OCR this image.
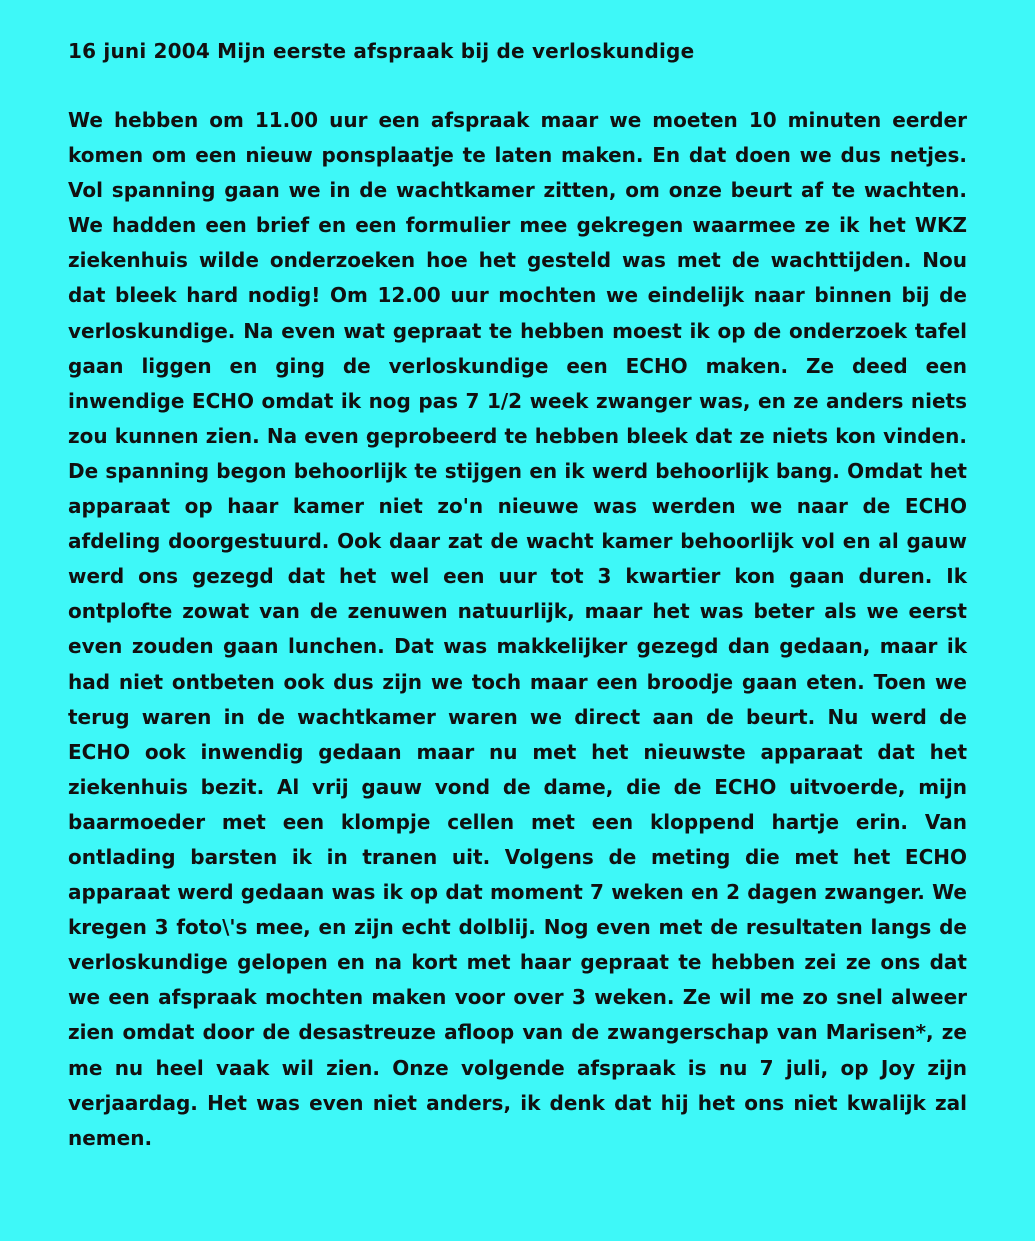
16 juni 2004 Mijn eerste afspraak bij de verloskundige

We hebben om 11.00 uur een afspraak maar we moeten 10 minuten eerder komen om een nieuw ponsplaatje te laten maken. En dat doen we dus netjes. Vol spanning gaan we in de wachtkamer zitten, om onze beurt af te wachten. We hadden een brief en een formulier mee gekregen waarmee ze ik het WKZ ziekenhuis wilde onderzoeken hoe het gesteld was met de wachttijden. Nou dat bleek hard nodig! Om 12.00 uur mochten we eindelijk naar binnen bij de verloskundige. Na even wat gepraat te hebben moest ik op de onderzoek tafel gaan liggen en ging de verloskundige een ECHO maken. Ze deed een inwendige ECHO omdat ik nog pas 7 1/2 week zwanger was, en ze anders niets zou kunnen zien. Na even geprobeerd te hebben bleek dat ze niets kon vinden. De spanning begon behoorlijk te stijgen en ik werd behoorlijk bang. Omdat het apparaat op haar kamer niet zo'n nieuwe was werden we naar de ECHO afdeling doorgestuurd. Ook daar zat de wacht kamer behoorlijk vol en al gauw werd ons gezegd dat het wel een uur tot 3 kwartier kon gaan duren. Ik ontplofte zowat van de zenuwen natuurlijk, maar het was beter als we eerst even zouden gaan lunchen. Dat was makkelijker gezegd dan gedaan, maar ik had niet ontbeten ook dus zijn we toch maar een broodje gaan eten. Toen we terug waren in de wachtkamer waren we direct aan de beurt. Nu werd de ECHO ook inwendig gedaan maar nu met het nieuwste apparaat dat het ziekenhuis bezit. Al vrij gauw vond de dame, die de ECHO uitvoerde, mijn baarmoeder met een klompje cellen met een kloppend hartje erin. Van ontlading barsten ik in tranen uit. Volgens de meting die met het ECHO apparaat werd gedaan was ik op dat moment 7 weken en 2 dagen zwanger. We kregen 3 foto\'s mee, en zijn echt dolblij. Nog even met de resultaten langs de verloskundige gelopen en na kort met haar gepraat te hebben zei ze ons dat we een afspraak mochten maken voor over 3 weken. Ze wil me zo snel alweer zien omdat door de desastreuze afloop van de zwangerschap van Marisen*, ze me nu heel vaak wil zien. Onze volgende afspraak is nu 7 juli, op Joy zijn verjaardag. Het was even niet anders, ik denk dat hij het ons niet kwalijk zal nemen.
